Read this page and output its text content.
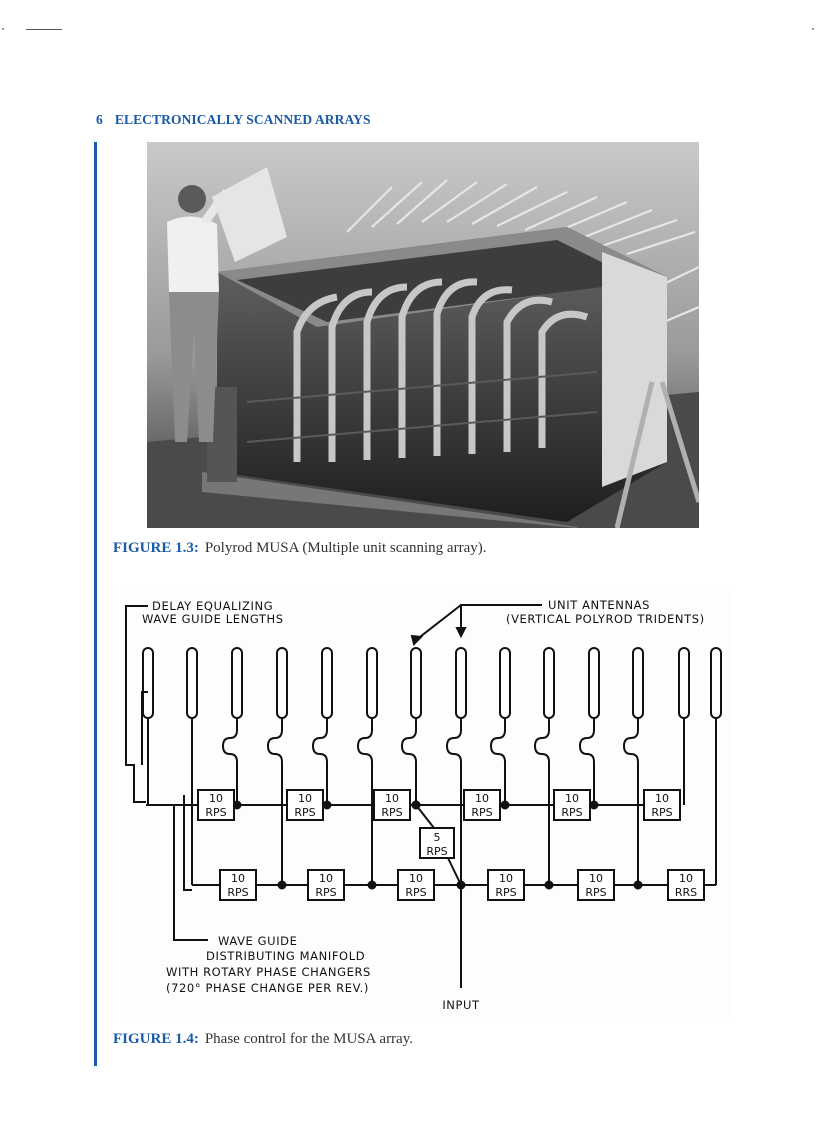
6 ELECTRONICALLY SCANNED ARRAYS
FIGURE 1.3: Polyrod MUSA (Multiple unit scanning array).
10
RPS
10
RPS
10
RPS
10
RPS
10
RPS
10
RPS
10
RPS
10
RPS
10
RPS
10
RPS
10
RPS
10
RRS
5
RPS
DELAY EQUALIZING
WAVE GUIDE LENGTHS
UNIT ANTENNAS
(VERTICAL POLYROD TRIDENTS)
WAVE GUIDE
DISTRIBUTING MANIFOLD
WITH ROTARY PHASE CHANGERS
(720° PHASE CHANGE PER REV.)
INPUT
FIGURE 1.4: Phase control for the MUSA array.
